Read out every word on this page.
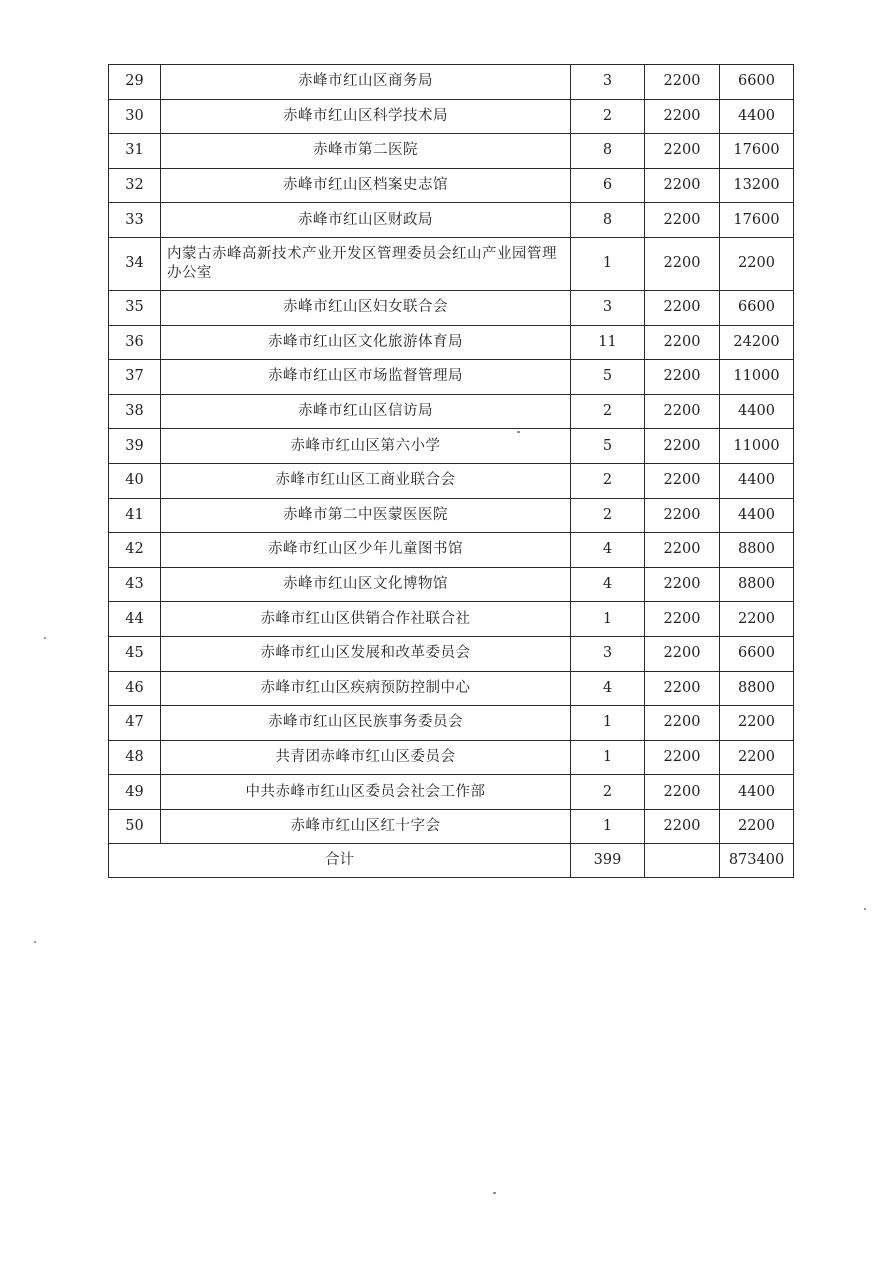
29	赤峰市红山区商务局	3	2200	6600
30	赤峰市红山区科学技术局	2	2200	4400
31	赤峰市第二医院	8	2200	17600
32	赤峰市红山区档案史志馆	6	2200	13200
33	赤峰市红山区财政局	8	2200	17600
34	内蒙古赤峰高新技术产业开发区管理委员会红山产业园管理办公室	1	2200	2200
35	赤峰市红山区妇女联合会	3	2200	6600
36	赤峰市红山区文化旅游体育局	11	2200	24200
37	赤峰市红山区市场监督管理局	5	2200	11000
38	赤峰市红山区信访局	2	2200	4400
39	赤峰市红山区第六小学	5	2200	11000
40	赤峰市红山区工商业联合会	2	2200	4400
41	赤峰市第二中医蒙医医院	2	2200	4400
42	赤峰市红山区少年儿童图书馆	4	2200	8800
43	赤峰市红山区文化博物馆	4	2200	8800
44	赤峰市红山区供销合作社联合社	1	2200	2200
45	赤峰市红山区发展和改革委员会	3	2200	6600
46	赤峰市红山区疾病预防控制中心	4	2200	8800
47	赤峰市红山区民族事务委员会	1	2200	2200
48	共青团赤峰市红山区委员会	1	2200	2200
49	中共赤峰市红山区委员会社会工作部	2	2200	4400
50	赤峰市红山区红十字会	1	2200	2200
合计		399		873400
